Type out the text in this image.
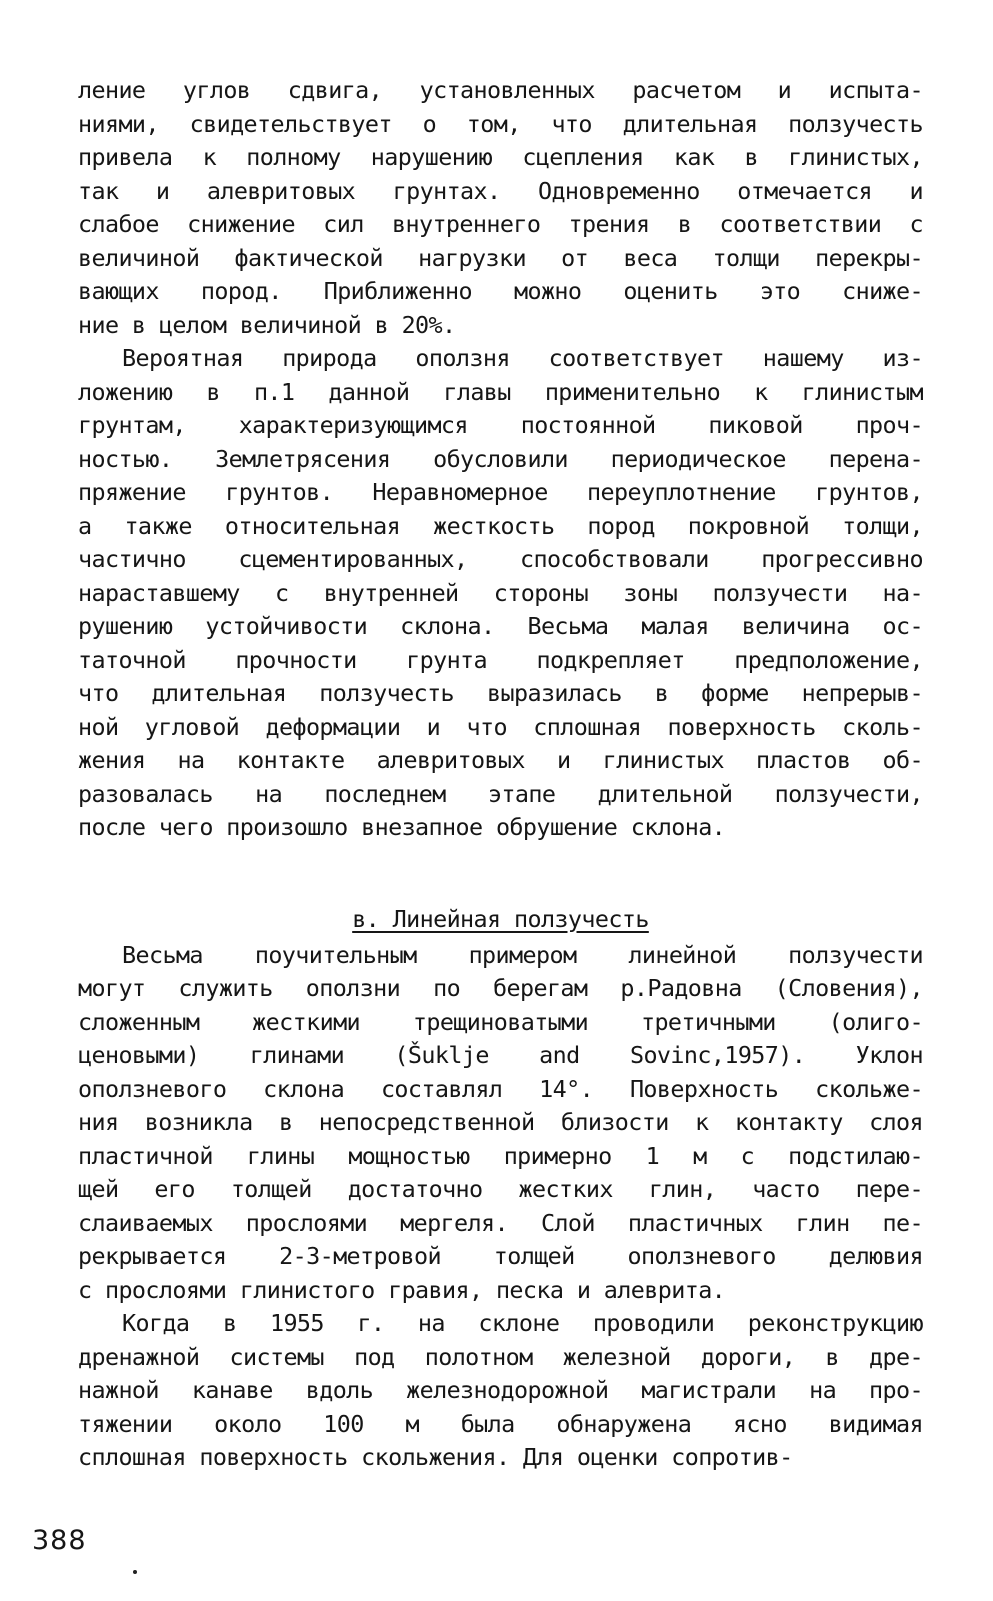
ление углов сдвига, установленных расчетом и испыта-
ниями, свидетельствует о том, что длительная ползучесть
привела к полному нарушению сцепления как в глинистых,
так и алевритовых грунтах. Одновременно отмечается и
слабое снижение сил внутреннего трения в соответствии с
величиной фактической нагрузки от веса толщи перекры-
вающих пород. Приближенно можно оценить это сниже-
ние в целом величиной в 20%.
Вероятная природа оползня соответствует нашему из-
ложению в п.1 данной главы применительно к глинистым
грунтам, характеризующимся постоянной пиковой проч-
ностью. Землетрясения обусловили периодическое перена-
пряжение грунтов. Неравномерное переуплотнение грунтов,
а также относительная жесткость пород покровной толщи,
частично сцементированных, способствовали прогрессивно
нараставшему с внутренней стороны зоны ползучести на-
рушению устойчивости склона. Весьма малая величина ос-
таточной прочности грунта подкрепляет предположение,
что длительная ползучесть выразилась в форме непрерыв-
ной угловой деформации и что сплошная поверхность сколь-
жения на контакте алевритовых и глинистых пластов об-
разовалась на последнем этапе длительной ползучести,
после чего произошло внезапное обрушение склона.
в. Линейная ползучесть
Весьма поучительным примером линейной ползучести
могут служить оползни по берегам р.Радовна (Словения),
сложенным жесткими трещиноватыми третичными (олиго-
ценовыми) глинами (Šuklje and Sovinc,1957). Уклон
оползневого склона составлял 14°. Поверхность скольже-
ния возникла в непосредственной близости к контакту слоя
пластичной глины мощностью примерно 1 м с подстилаю-
щей его толщей достаточно жестких глин, часто пере-
слаиваемых прослоями мергеля. Слой пластичных глин пе-
рекрывается 2-3-метровой толщей оползневого делювия
с прослоями глинистого гравия, песка и алеврита.
Когда в 1955 г. на склоне проводили реконструкцию
дренажной системы под полотном железной дороги, в дре-
нажной канаве вдоль железнодорожной магистрали на про-
тяжении около 100 м была обнаружена ясно видимая
сплошная поверхность скольжения. Для оценки сопротив-
388
